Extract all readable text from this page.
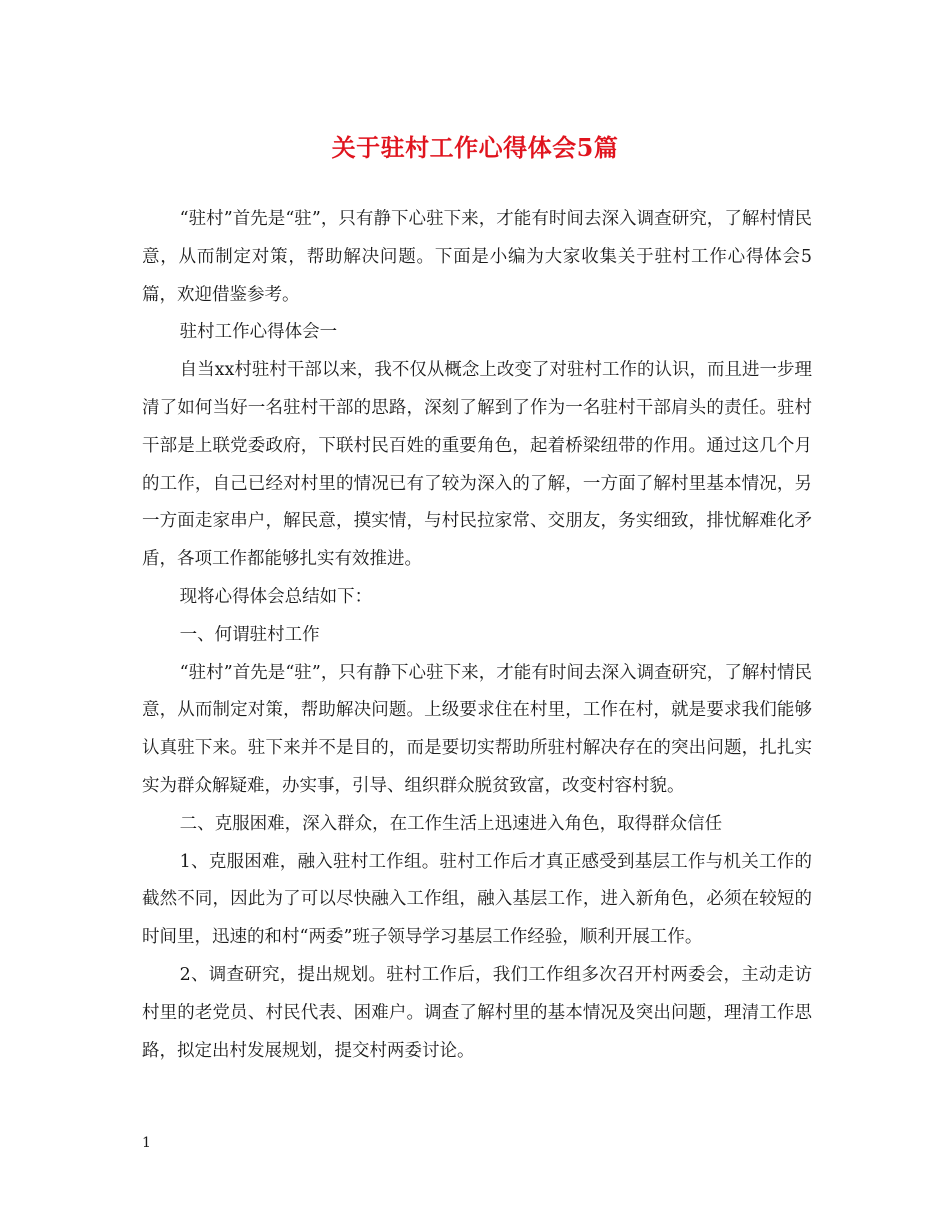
关于驻村工作心得体会5篇

“驻村”首先是“驻”，只有静下心驻下来，才能有时间去深入调查研究，了解村情民意，从而制定对策，帮助解决问题。下面是小编为大家收集关于驻村工作心得体会5篇，欢迎借鉴参考。

驻村工作心得体会一

自当xx村驻村干部以来，我不仅从概念上改变了对驻村工作的认识，而且进一步理清了如何当好一名驻村干部的思路，深刻了解到了作为一名驻村干部肩头的责任。驻村干部是上联党委政府，下联村民百姓的重要角色，起着桥梁纽带的作用。通过这几个月的工作，自己已经对村里的情况已有了较为深入的了解，一方面了解村里基本情况，另一方面走家串户，解民意，摸实情，与村民拉家常、交朋友，务实细致，排忧解难化矛盾，各项工作都能够扎实有效推进。

现将心得体会总结如下：

一、何谓驻村工作

“驻村”首先是“驻”，只有静下心驻下来，才能有时间去深入调查研究，了解村情民意，从而制定对策，帮助解决问题。上级要求住在村里，工作在村，就是要求我们能够认真驻下来。驻下来并不是目的，而是要切实帮助所驻村解决存在的突出问题，扎扎实实为群众解疑难，办实事，引导、组织群众脱贫致富，改变村容村貌。

二、克服困难，深入群众，在工作生活上迅速进入角色，取得群众信任

1、克服困难，融入驻村工作组。驻村工作后才真正感受到基层工作与机关工作的截然不同，因此为了可以尽快融入工作组，融入基层工作，进入新角色，必须在较短的时间里，迅速的和村“两委”班子领导学习基层工作经验，顺利开展工作。

2、调查研究，提出规划。驻村工作后，我们工作组多次召开村两委会，主动走访村里的老党员、村民代表、困难户。调查了解村里的基本情况及突出问题，理清工作思路，拟定出村发展规划，提交村两委讨论。

1
